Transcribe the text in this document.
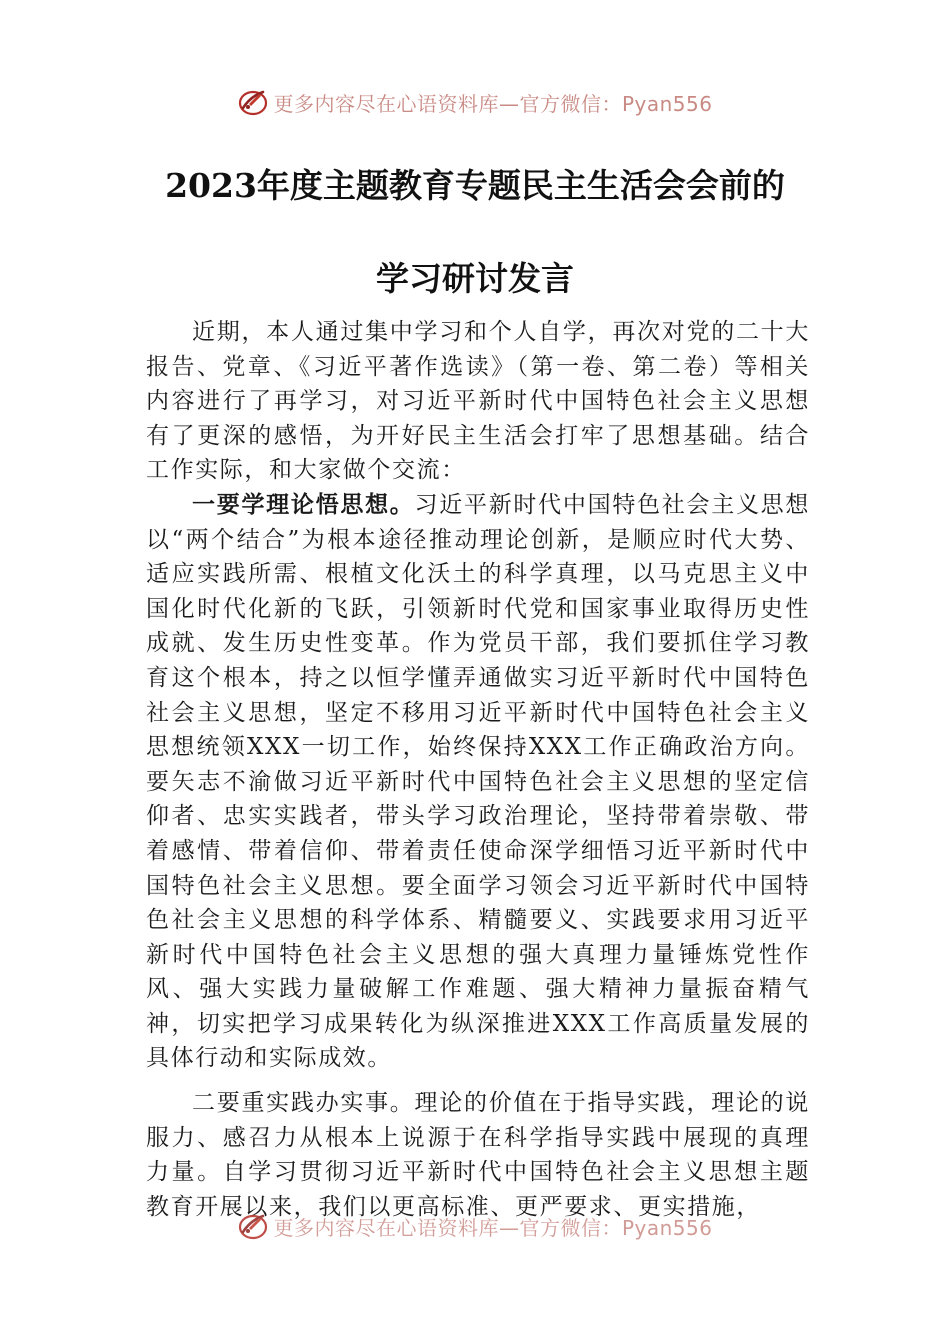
更多内容尽在心语资料库—官方微信：Pyan556
2023年度主题教育专题民主生活会会前的
学习研讨发言

近期，本人通过集中学习和个人自学，再次对党的二十大报告、党章、《习近平著作选读》（第一卷、第二卷）等相关内容进行了再学习，对习近平新时代中国特色社会主义思想有了更深的感悟，为开好民主生活会打牢了思想基础。结合工作实际，和大家做个交流：

一要学理论悟思想。习近平新时代中国特色社会主义思想以“两个结合”为根本途径推动理论创新，是顺应时代大势、适应实践所需、根植文化沃土的科学真理，以马克思主义中国化时代化新的飞跃，引领新时代党和国家事业取得历史性成就、发生历史性变革。作为党员干部，我们要抓住学习教育这个根本，持之以恒学懂弄通做实习近平新时代中国特色社会主义思想，坚定不移用习近平新时代中国特色社会主义思想统领XXX一切工作，始终保持XXX工作正确政治方向。要矢志不渝做习近平新时代中国特色社会主义思想的坚定信仰者、忠实实践者，带头学习政治理论，坚持带着崇敬、带着感情、带着信仰、带着责任使命深学细悟习近平新时代中国特色社会主义思想。要全面学习领会习近平新时代中国特色社会主义思想的科学体系、精髓要义、实践要求用习近平新时代中国特色社会主义思想的强大真理力量锤炼党性作风、强大实践力量破解工作难题、强大精神力量振奋精气神，切实把学习成果转化为纵深推进XXX工作高质量发展的具体行动和实际成效。

二要重实践办实事。理论的价值在于指导实践，理论的说服力、感召力从根本上说源于在科学指导实践中展现的真理力量。自学习贯彻习近平新时代中国特色社会主义思想主题教育开展以来，我们以更高标准、更严要求、更实措施，

更多内容尽在心语资料库—官方微信：Pyan556
